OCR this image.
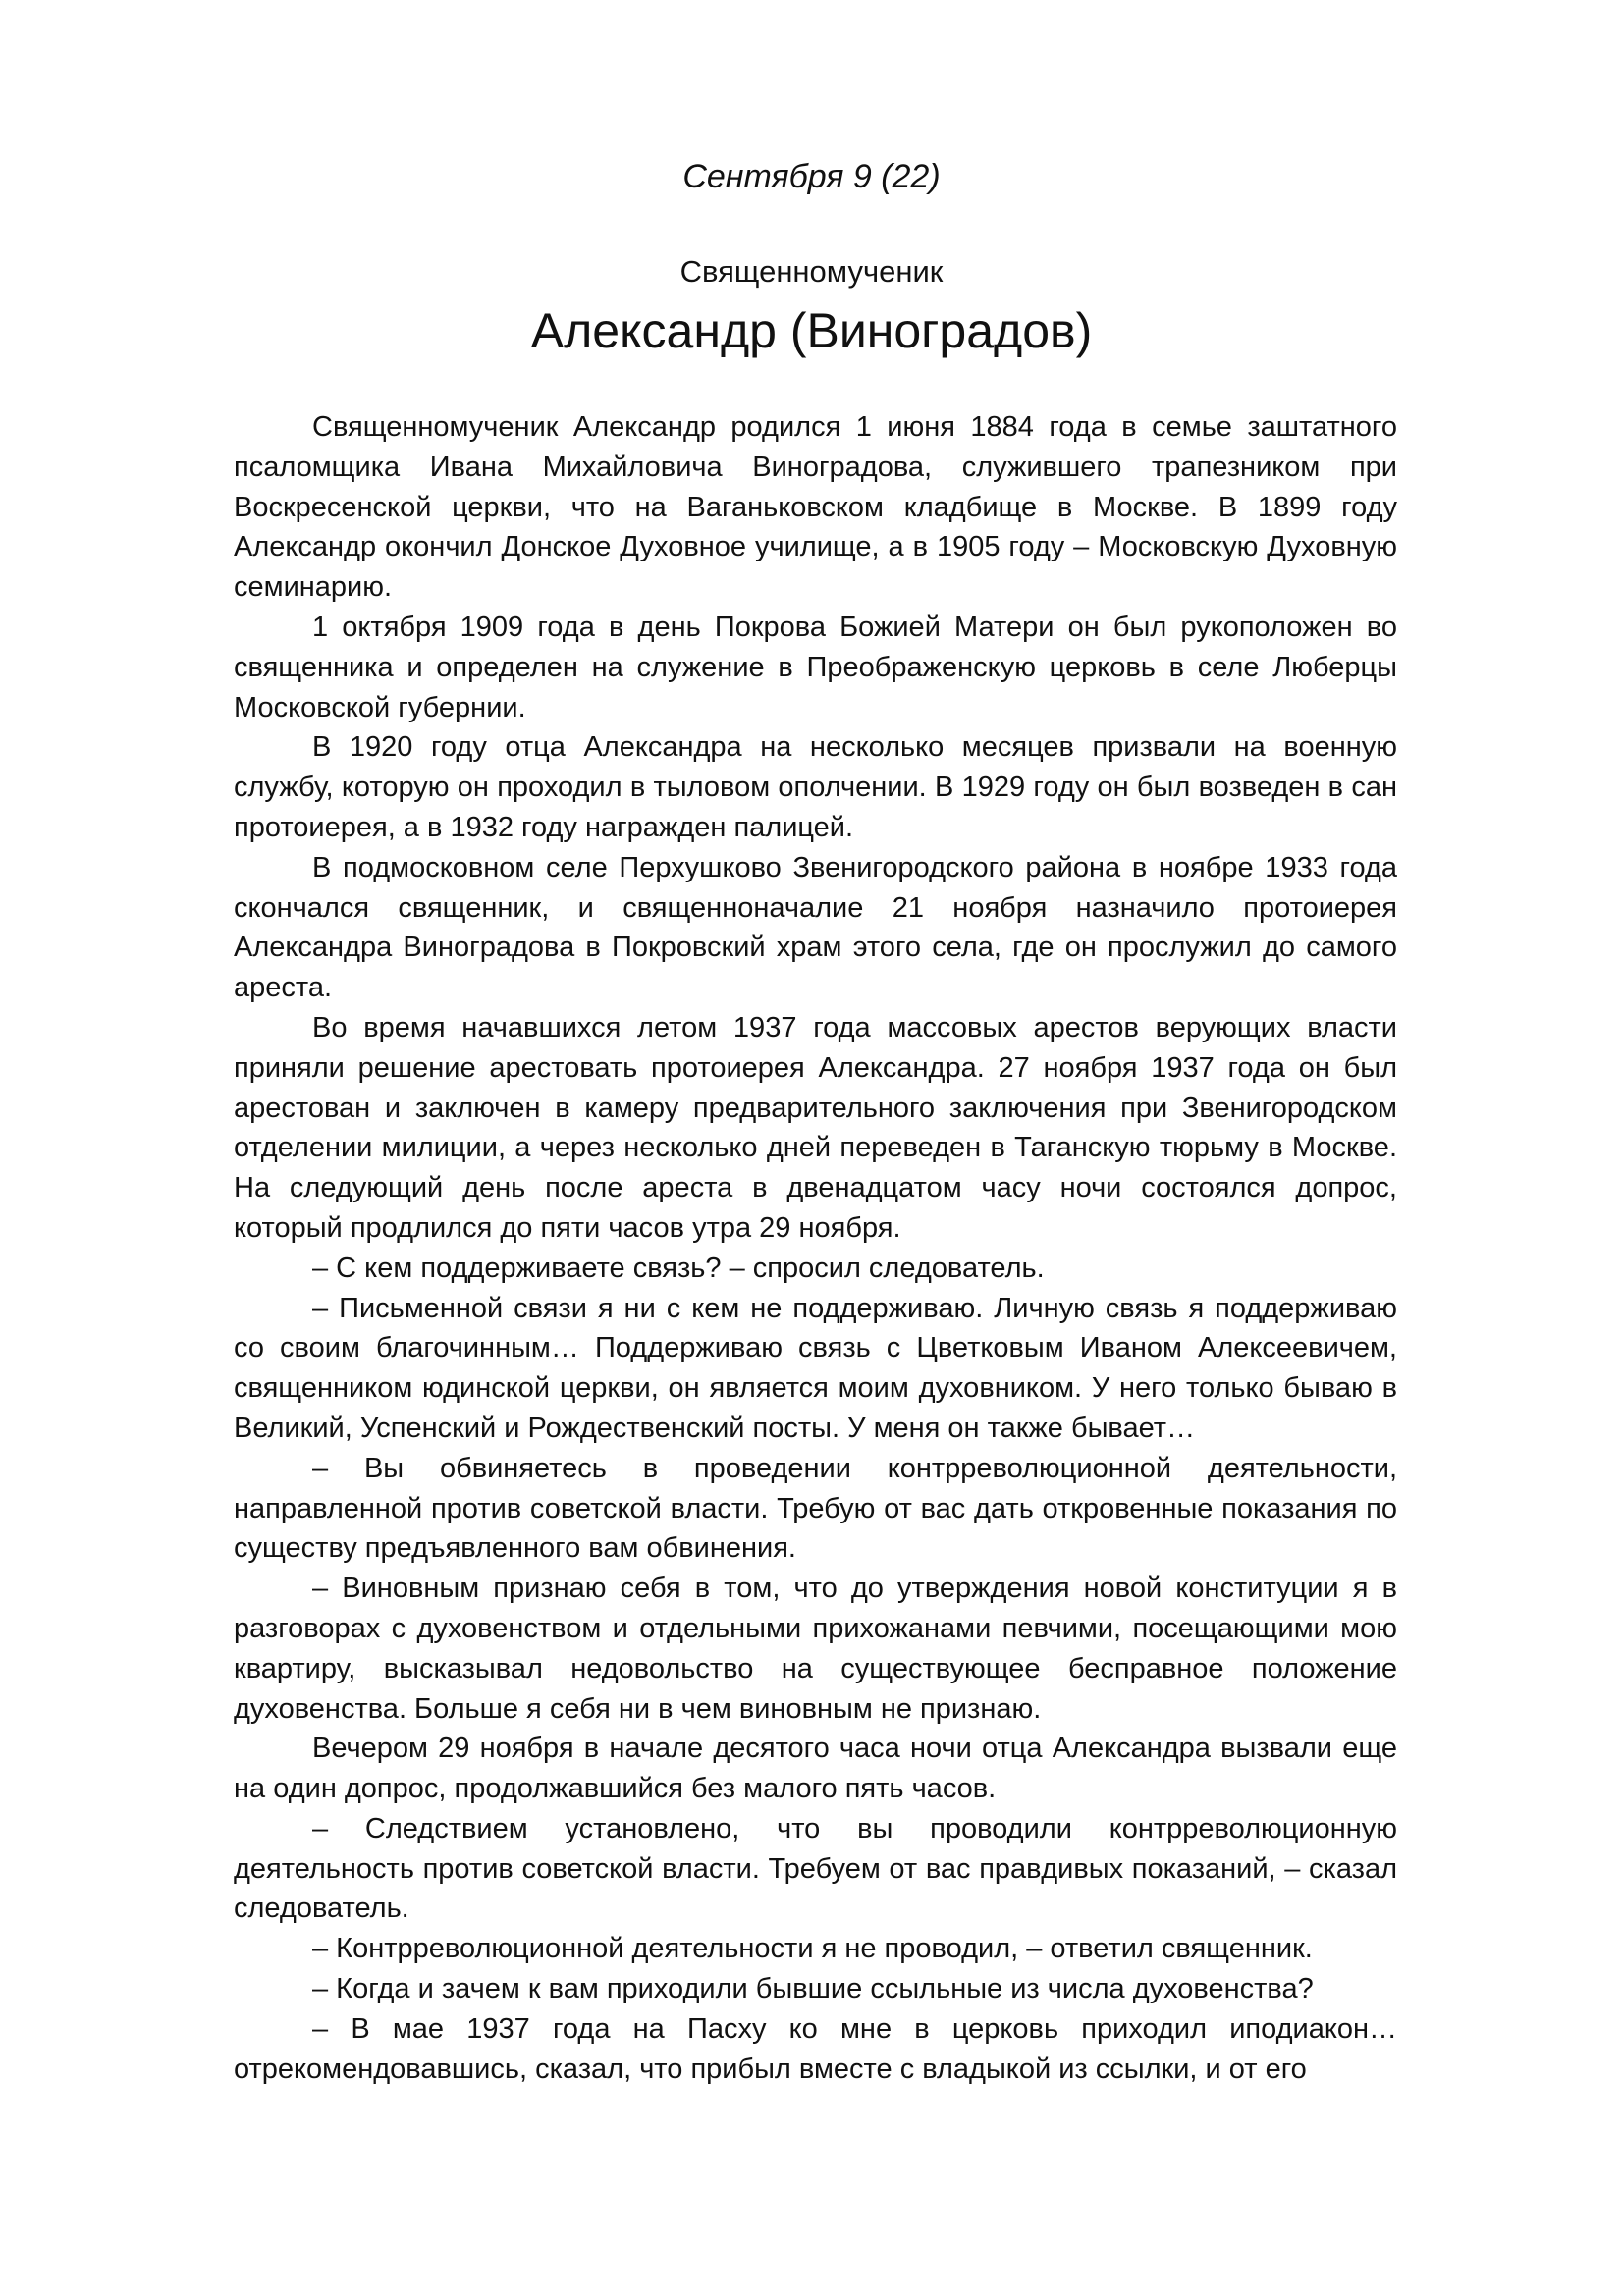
Сентября 9 (22)
Священномученик
Александр (Виноградов)

Священномученик Александр родился 1 июня 1884 года в семье заштатного псаломщика Ивана Михайловича Виноградова, служившего трапезником при Воскресенской церкви, что на Ваганьковском кладбище в Москве. В 1899 году Александр окончил Донское Духовное училище, а в 1905 году – Московскую Духовную семинарию.

1 октября 1909 года в день Покрова Божией Матери он был рукоположен во священника и определен на служение в Преображенскую церковь в селе Люберцы Московской губернии.

В 1920 году отца Александра на несколько месяцев призвали на военную службу, которую он проходил в тыловом ополчении. В 1929 году он был возведен в сан протоиерея, а в 1932 году награжден палицей.

В подмосковном селе Перхушково Звенигородского района в ноябре 1933 года скончался священник, и священноначалие 21 ноября назначило протоиерея Александра Виноградова в Покровский храм этого села, где он прослужил до самого ареста.

Во время начавшихся летом 1937 года массовых арестов верующих власти приняли решение арестовать протоиерея Александра. 27 ноября 1937 года он был арестован и заключен в камеру предварительного заключения при Звенигородском отделении милиции, а через несколько дней переведен в Таганскую тюрьму в Москве. На следующий день после ареста в двенадцатом часу ночи состоялся допрос, который продлился до пяти часов утра 29 ноября.

– С кем поддерживаете связь? – спросил следователь.

– Письменной связи я ни с кем не поддерживаю. Личную связь я поддерживаю со своим благочинным… Поддерживаю связь с Цветковым Иваном Алексеевичем, священником юдинской церкви, он является моим духовником. У него только бываю в Великий, Успенский и Рождественский посты. У меня он также бывает…

– Вы обвиняетесь в проведении контрреволюционной деятельности, направленной против советской власти. Требую от вас дать откровенные показания по существу предъявленного вам обвинения.

– Виновным признаю себя в том, что до утверждения новой конституции я в разговорах с духовенством и отдельными прихожанами певчими, посещающими мою квартиру, высказывал недовольство на существующее бесправное положение духовенства. Больше я себя ни в чем виновным не признаю.

Вечером 29 ноября в начале десятого часа ночи отца Александра вызвали еще на один допрос, продолжавшийся без малого пять часов.

– Следствием установлено, что вы проводили контрреволюционную деятельность против советской власти. Требуем от вас правдивых показаний, – сказал следователь.

– Контрреволюционной деятельности я не проводил, – ответил священник.

– Когда и зачем к вам приходили бывшие ссыльные из числа духовенства?

– В мае 1937 года на Пасху ко мне в церковь приходил иподиакон… отрекомендовавшись, сказал, что прибыл вместе с владыкой из ссылки, и от его
